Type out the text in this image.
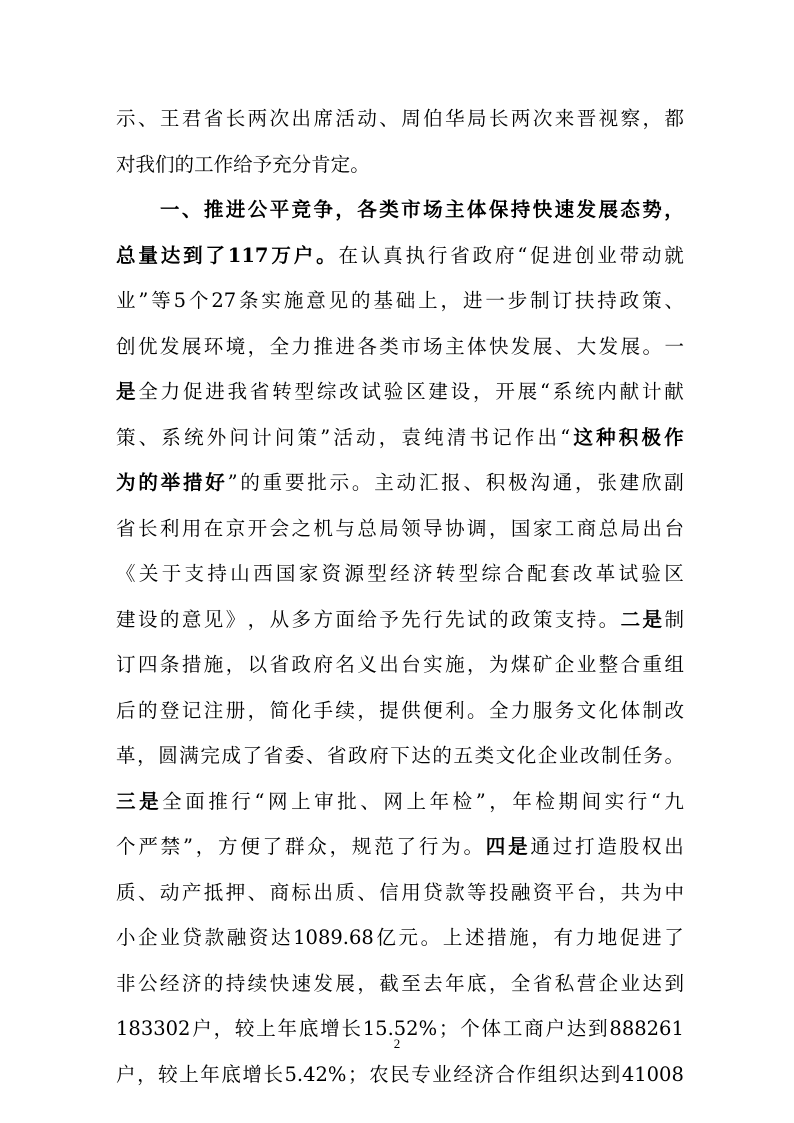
示 、 王 君 省 长 两 次 出 席 活 动 、 周 伯 华 局 长 两 次 来 晋 视 察 ， 都
对 我 们 的 工 作 给 予 充 分 肯 定 。
一 、 推 进 公 平 竞 争 ， 各 类 市 场 主 体 保 持 快 速 发 展 态 势 ，
总 量 达 到 了 117 万 户 。 在 认 真 执 行 省 政 府 “ 促 进 创 业 带 动 就
业 ” 等 5 个 27 条 实 施 意 见 的 基 础 上 ， 进 一 步 制 订 扶 持 政 策 、
创 优 发 展 环 境 ， 全 力 推 进 各 类 市 场 主 体 快 发 展 、 大 发 展 。 一
是 全 力 促 进 我 省 转 型 综 改 试 验 区 建 设 ， 开 展 “ 系 统 内 献 计 献
策 、 系 统 外 问 计 问 策 ” 活 动 ， 袁 纯 清 书 记 作 出 “ 这 种 积 极 作
为 的 举 措 好 ” 的 重 要 批 示 。 主 动 汇 报 、 积 极 沟 通 ， 张 建 欣 副
省 长 利 用 在 京 开 会 之 机 与 总 局 领 导 协 调 ， 国 家 工 商 总 局 出 台
《 关 于 支 持 山 西 国 家 资 源 型 经 济 转 型 综 合 配 套 改 革 试 验 区
建 设 的 意 见 》 ， 从 多 方 面 给 予 先 行 先 试 的 政 策 支 持 。 二 是 制
订 四 条 措 施 ， 以 省 政 府 名 义 出 台 实 施 ， 为 煤 矿 企 业 整 合 重 组
后 的 登 记 注 册 ， 简 化 手 续 ， 提 供 便 利 。 全 力 服 务 文 化 体 制 改
革 ， 圆 满 完 成 了 省 委 、 省 政 府 下 达 的 五 类 文 化 企 业 改 制 任 务 。
三 是 全 面 推 行 “ 网 上 审 批 、 网 上 年 检 ” ， 年 检 期 间 实 行 “ 九
个 严 禁 ” ， 方 便 了 群 众 ， 规 范 了 行 为 。 四 是 通 过 打 造 股 权 出
质 、 动 产 抵 押 、 商 标 出 质 、 信 用 贷 款 等 投 融 资 平 台 ， 共 为 中
小 企 业 贷 款 融 资 达 1089.68 亿 元 。 上 述 措 施 ， 有 力 地 促 进 了
非 公 经 济 的 持 续 快 速 发 展 ， 截 至 去 年 底 ， 全 省 私 营 企 业 达 到
183302 户 ， 较 上 年 底 增 长 15.52% ； 个 体 工 商 户 达 到 888261
户 ， 较 上 年 底 增 长 5.42% ； 农 民 专 业 经 济 合 作 组 织 达 到 41008
2
